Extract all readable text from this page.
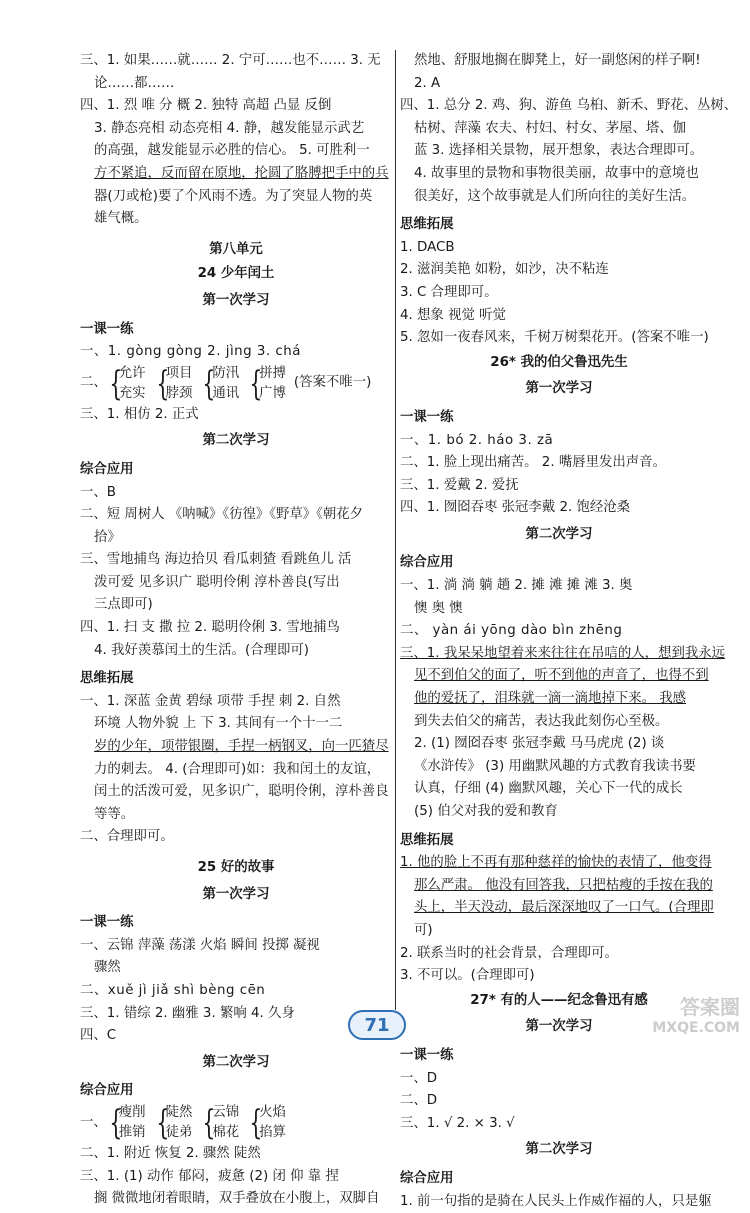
三、1. 如果……就…… 2. 宁可……也不…… 3. 无
论……都……
四、1. 烈 唯 分 概 2. 独特 高超 凸显 反倒
3. 静态亮相 动态亮相 4. 静，越发能显示武艺
的高强，越发能显示必胜的信心。 5. 可胜利一
方不紧追，反而留在原地，抡圆了胳膊把手中的兵
器(刀或枪)要了个风雨不透。为了突显人物的英
雄气概。
第八单元
24 少年闰土
第一次学习
一课一练
一、1. gòng gòng 2. jìng 3. chá
二、 {
允许
充实 {
项目
脖颈 {
防汛
通讯 {
拼搏
广博
(答案不唯一)
三、1. 相仿 2. 正式
第二次学习
综合应用
一、B
二、短 周树人 《呐喊》《彷徨》《野草》《朝花夕
拾》
三、雪地捕鸟 海边拾贝 看瓜刺猹 看跳鱼儿 活
泼可爱 见多识广 聪明伶俐 淳朴善良(写出
三点即可)
四、1. 扫 支 撒 拉 2. 聪明伶俐 3. 雪地捕鸟
4. 我好羡慕闰土的生活。(合理即可)
思维拓展
一、1. 深蓝 金黄 碧绿 项带 手捏 刺 2. 自然
环境 人物外貌 上 下 3. 其间有一个十一二
岁的少年，项带银圈，手捏一柄钢叉，向一匹猹尽
力的刺去。 4. (合理即可)如：我和闰土的友谊，
闰土的活泼可爱，见多识广，聪明伶俐，淳朴善良
等等。
二、合理即可。
25 好的故事
第一次学习
一课一练
一、云锦 萍藻 荡漾 火焰 瞬间 投掷 凝视
骤然
二、xuě jì jiǎ shì bèng cēn
三、1. 错综 2. 幽雅 3. 繁响 4. 久身
四、C
第二次学习
综合应用
一、 {
瘦削
推销 {
陡然
徒弟 {
云锦
棉花 {
火焰
掐算
二、1. 附近 恢复 2. 骤然 陡然
三、1. (1) 动作 郁闷，疲惫 (2) 闭 仰 靠 捏
搁 微微地闭着眼睛，双手叠放在小腹上，双脚自
然地、舒服地搁在脚凳上，好一副悠闲的样子啊!
2. A
四、1. 总分 2. 鸡、狗、游鱼 乌桕、新禾、野花、丛树、
枯树、萍藻 农夫、村妇、村女、茅屋、塔、伽
蓝 3. 选择相关景物，展开想象，表达合理即可。
4. 故事里的景物和事物很美丽，故事中的意境也
很美好，这个故事就是人们所向往的美好生活。
思维拓展
1. DACB
2. 滋润美艳 如粉，如沙，决不粘连
3. C 合理即可。
4. 想象 视觉 听觉
5. 忽如一夜春风来，千树万树梨花开。(答案不唯一)
26* 我的伯父鲁迅先生
第一次学习
一课一练
一、1. bó 2. háo 3. zā
二、1. 脸上现出痛苦。 2. 嘴唇里发出声音。
三、1. 爱戴 2. 爱抚
四、1. 囫囵吞枣 张冠李戴 2. 饱经沧桑
第二次学习
综合应用
一、1. 淌 淌 躺 趟 2. 摊 滩 摊 滩 3. 奥
懊 奥 懊
二、 yàn ái yōng dào bìn zhēng
三、1. 我呆呆地望着来来往往在吊唁的人，想到我永远
见不到伯父的面了，听不到他的声音了，也得不到
他的爱抚了，泪珠就一滴一滴地掉下来。 我感
到失去伯父的痛苦，表达我此刻伤心至极。
2. (1) 囫囵吞枣 张冠李戴 马马虎虎 (2) 谈
《水浒传》 (3) 用幽默风趣的方式教育我读书要
认真，仔细 (4) 幽默风趣，关心下一代的成长
(5) 伯父对我的爱和教育
思维拓展
1. 他的脸上不再有那种慈祥的愉快的表情了，他变得
那么严肃。 他没有回答我，只把枯瘦的手按在我的
头上，半天没动，最后深深地叹了一口气。(合理即
可)
2. 联系当时的社会背景，合理即可。
3. 不可以。(合理即可)
27* 有的人——纪念鲁迅有感
第一次学习
一课一练
一、D
二、D
三、1. √ 2. × 3. √
第二次学习
综合应用
1. 前一句指的是骑在人民头上作威作福的人，只是躯
71
答案圈
MXQE.COM
